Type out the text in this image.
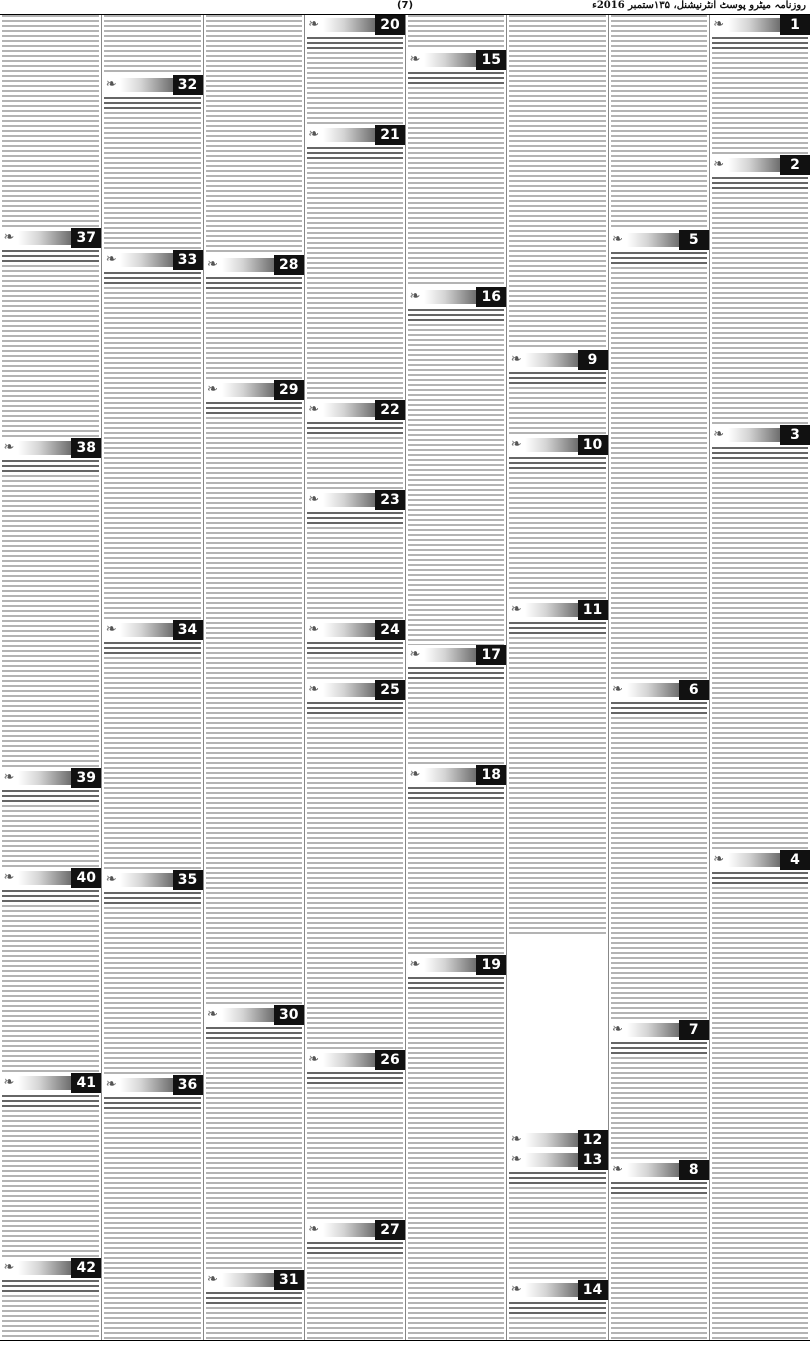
(7)	روزنامہ میٹرو پوسٹ انٹرنیشنل، ۱۳۵ستمبر 2016ء
1
❧
2
❧
3
❧
4
❧
5
❧
6
❧
7
❧
8
❧
9
❧
10
❧
11
❧
12
❧
13
❧
14
❧
15
❧
16
❧
17
❧
18
❧
19
❧
20
❧
21
❧
22
❧
23
❧
24
❧
25
❧
26
❧
27
❧
28
❧
29
❧
30
❧
31
❧
32
❧
33
❧
34
❧
35
❧
36
❧
37
❧
38
❧
39
❧
40
❧
41
❧
42
❧
